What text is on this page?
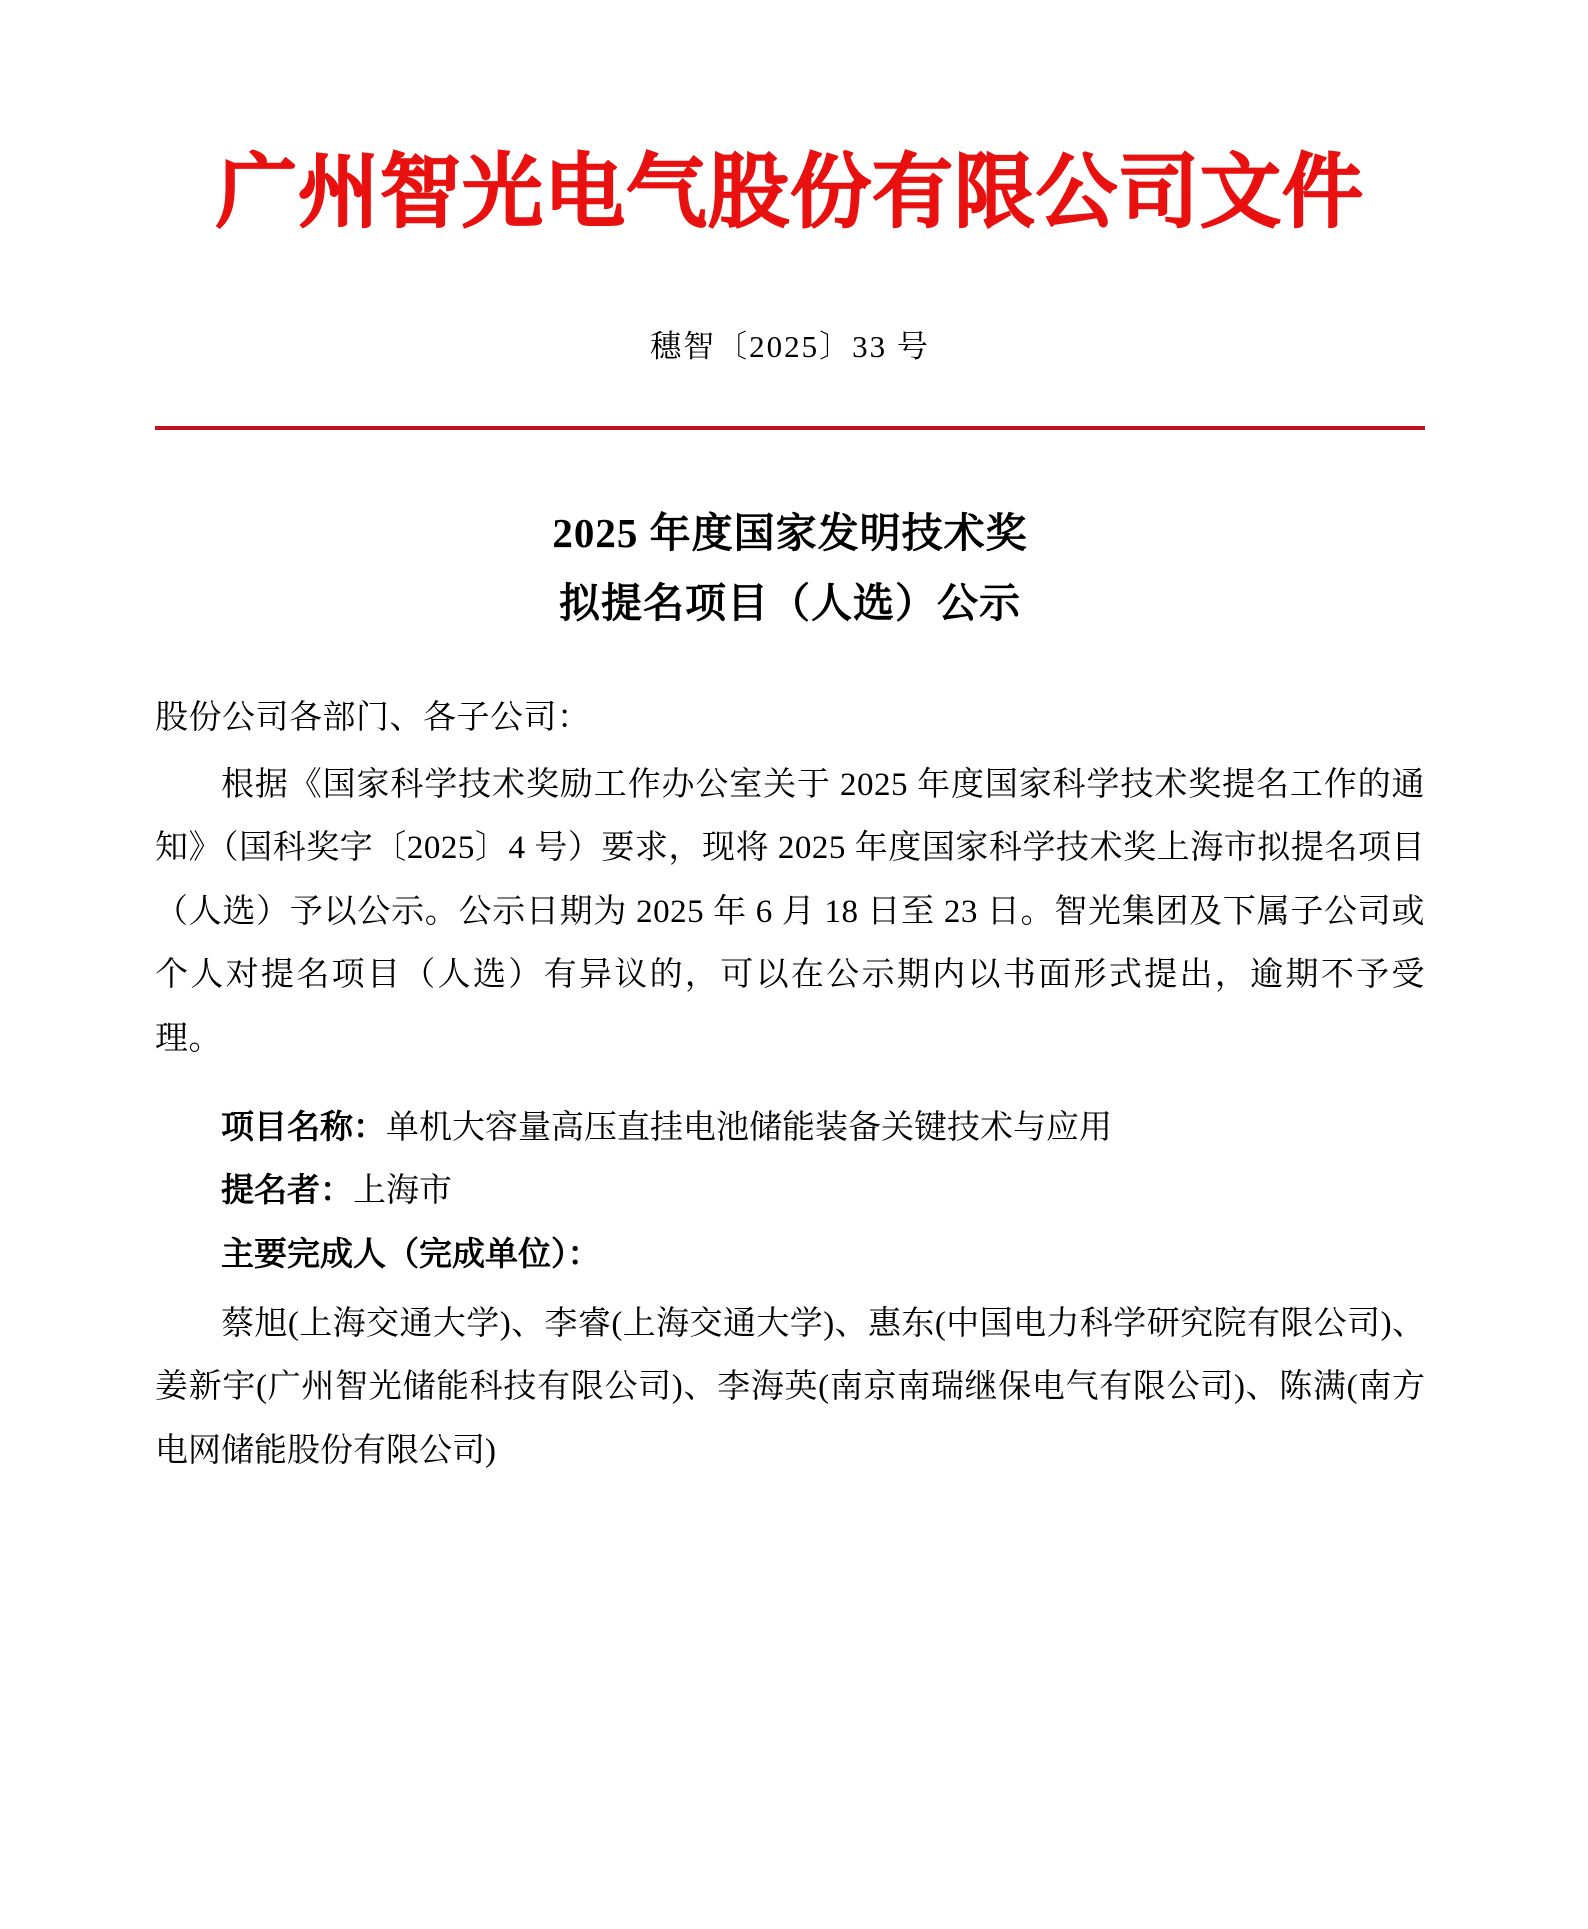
广州智光电气股份有限公司文件
穗智〔2025〕33 号
2025 年度国家发明技术奖
拟提名项目（人选）公示

股份公司各部门、各子公司：

根据《国家科学技术奖励工作办公室关于 2025 年度国家科学技术奖提名工作的通知》（国科奖字〔2025〕4 号）要求，现将 2025 年度国家科学技术奖上海市拟提名项目（人选）予以公示。公示日期为 2025 年 6 月 18 日至 23 日。智光集团及下属子公司或个人对提名项目（人选）有异议的，可以在公示期内以书面形式提出，逾期不予受理。

项目名称：单机大容量高压直挂电池储能装备关键技术与应用

提名者：上海市

主要完成人（完成单位）：

蔡旭(上海交通大学)、李睿(上海交通大学)、惠东(中国电力科学研究院有限公司)、姜新宇(广州智光储能科技有限公司)、李海英(南京南瑞继保电气有限公司)、陈满(南方电网储能股份有限公司)
